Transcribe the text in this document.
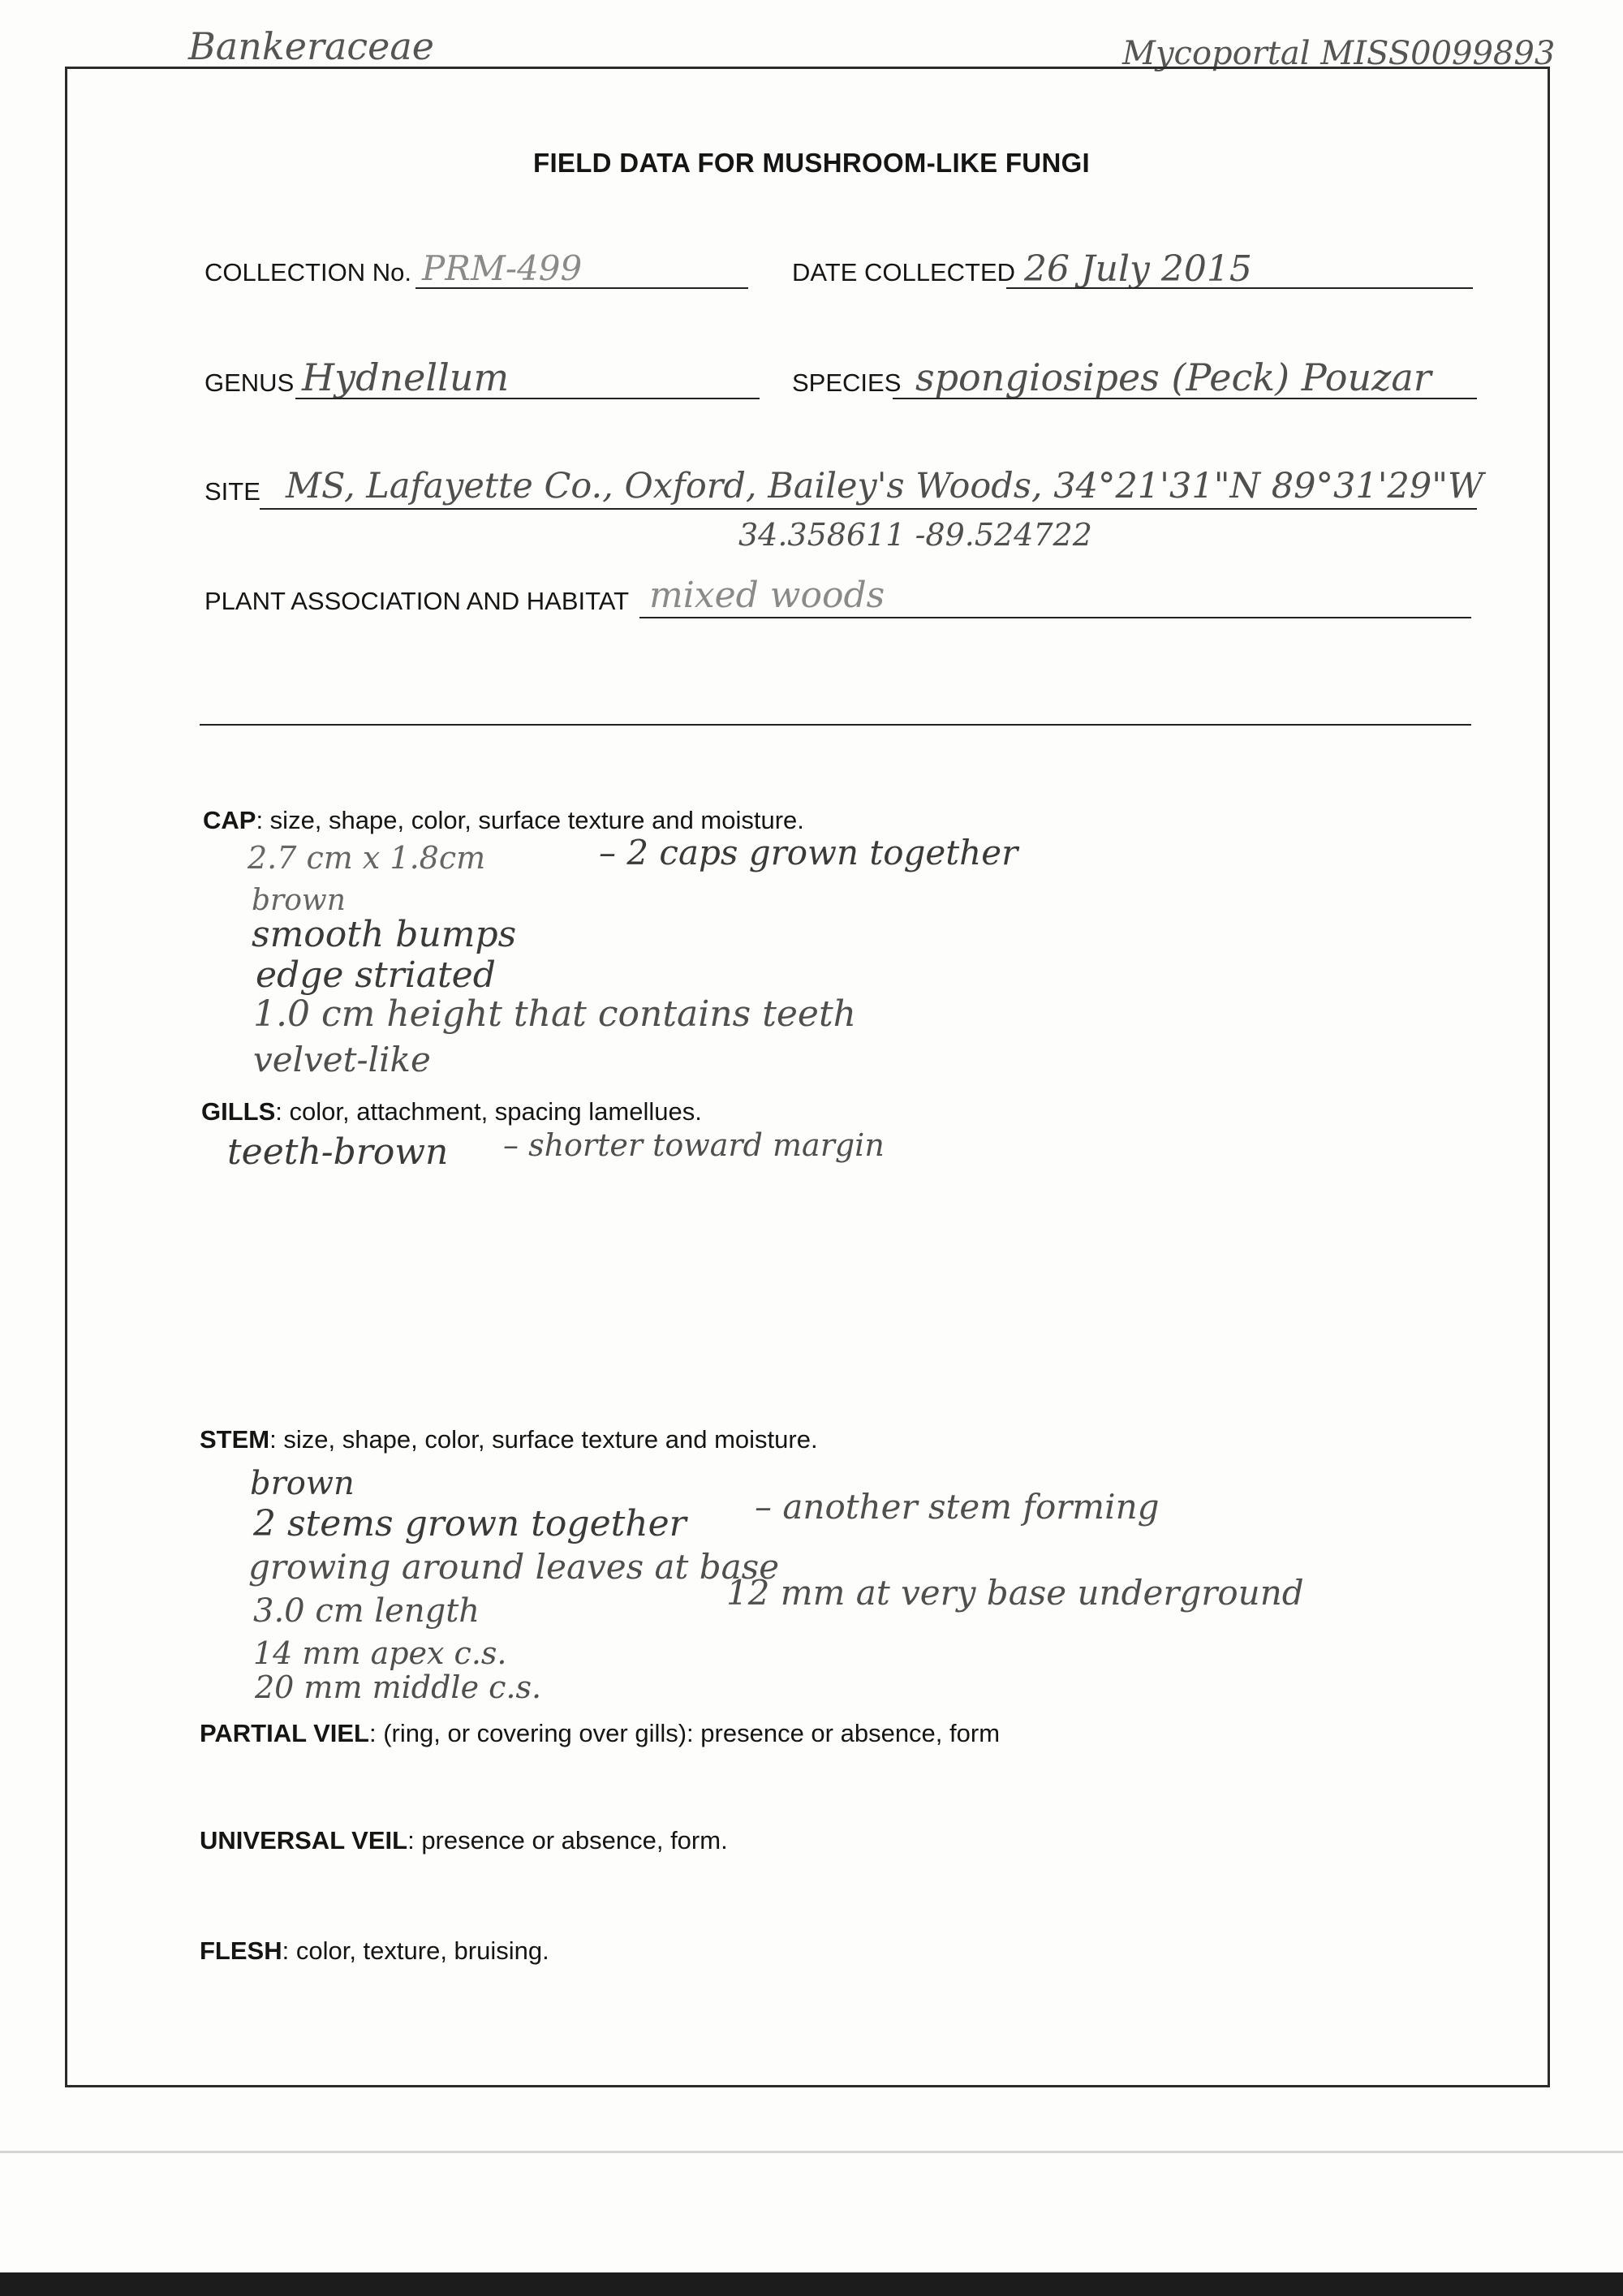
Bankeraceae	Mycoportal MISS0099893
FIELD DATA FOR MUSHROOM-LIKE FUNGI
COLLECTION No. PRM-499	DATE COLLECTED 26 July 2015
GENUS Hydnellum	SPECIES spongiosipes (Peck) Pouzar
SITE MS, Lafayette Co., Oxford, Bailey's Woods, 34°21'31"N 89°31'29"W
34.358611 -89.524722
PLANT ASSOCIATION AND HABITAT mixed woods
CAP: size, shape, color, surface texture and moisture.
2.7 cm x 1.8cm	– 2 caps grown together
brown
smooth bumps
edge striated
1.0 cm height that contains teeth
velvet-like
GILLS: color, attachment, spacing lamellues.
teeth-brown – shorter toward margin
STEM: size, shape, color, surface texture and moisture.
brown
2 stems grown together – another stem forming
growing around leaves at base
3.0 cm length	12 mm at very base underground
14 mm apex c.s.
20 mm middle c.s.
PARTIAL VIEL: (ring, or covering over gills): presence or absence, form
UNIVERSAL VEIL: presence or absence, form.
FLESH: color, texture, bruising.
